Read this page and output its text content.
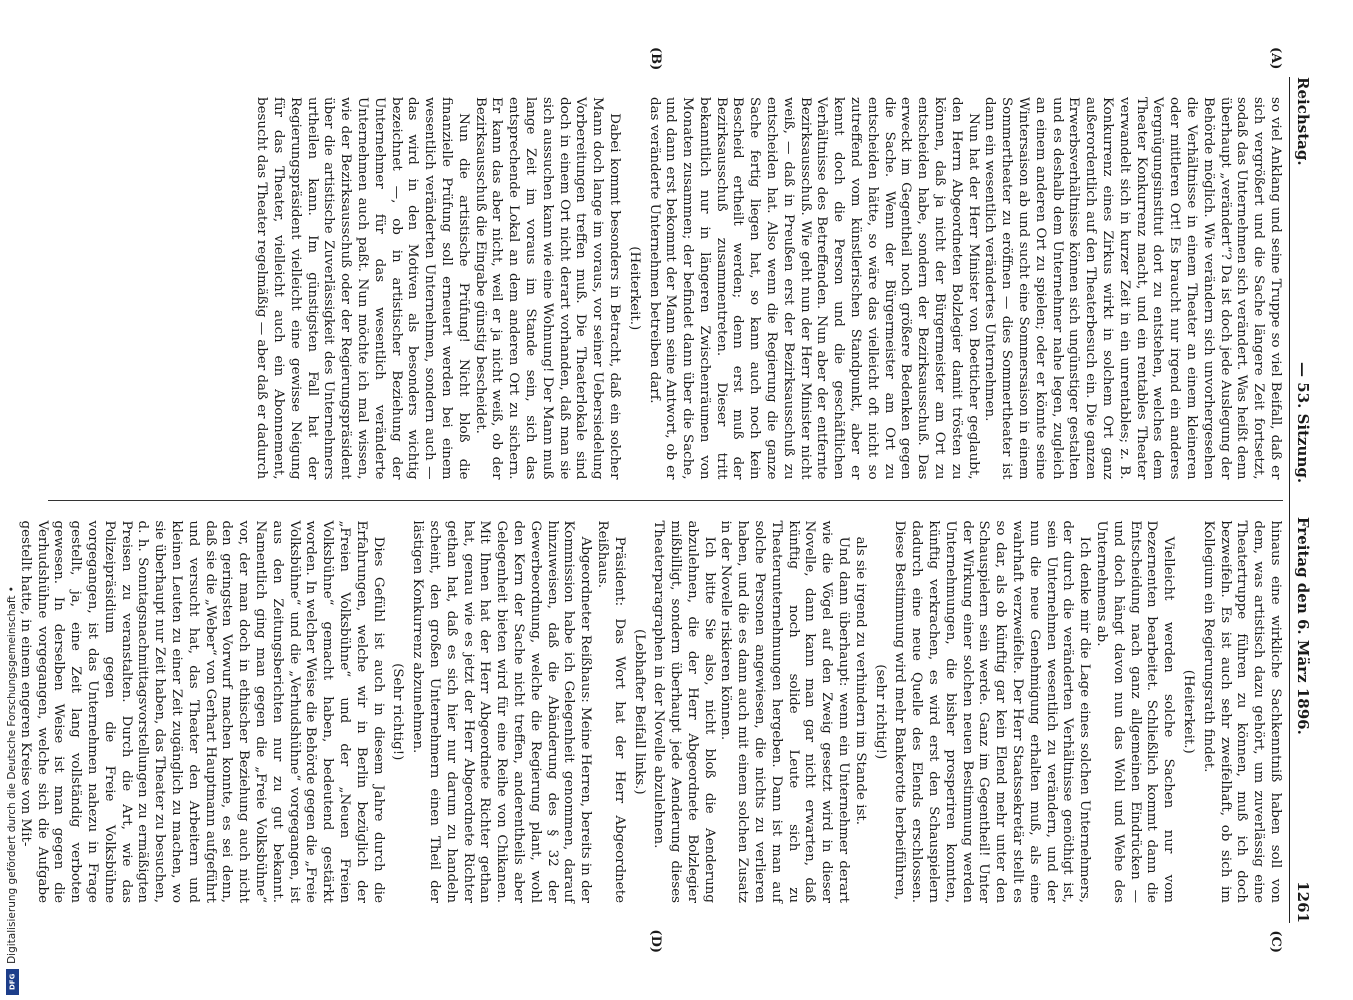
Reichstag.
— 53. Sitzung.
Freitag den 6. März 1896.
1261

so viel Anklang und seine Truppe so viel Beifall, daß er sich vergrößert und die Sache längere Zeit fortsetzt, sodaß das Unternehmen sich verändert. Was heißt denn überhaupt „verändert“? Da ist doch jede Auslegung der Behörde möglich. Wie verändern sich unvorhergesehen die Verhältnisse in einem Theater an einem kleineren oder mittleren Ort! Es braucht nur irgend ein anderes Vergnügungsinstitut dort zu entstehen, welches dem Theater Konkurrenz macht, und ein rentables Theater verwandelt sich in kurzer Zeit in ein unrentables; z. B. Konkurrenz eines Zirkus wirkt in solchem Ort ganz außerordentlich auf den Theaterbesuch ein. Die ganzen Erwerbsverhältnisse können sich ungünstiger gestalten und es deshalb dem Unternehmer nahe legen, zugleich an einem anderen Ort zu spielen; oder er könnte seine Wintersaison ab und sucht eine Sommersaison in einem Sommertheater zu eröffnen — dies Sommertheater ist dann ein wesentlich verändertes Unternehmen.

Nun hat der Herr Minister von Boetticher geglaubt, den Herrn Abgeordneten Bolzlegier damit trösten zu können, daß ja nicht der Bürgermeister am Ort zu entscheiden habe, sondern der Bezirksausschuß. Das erweckt im Gegentheil noch größere Bedenken gegen die Sache. Wenn der Bürgermeister am Ort zu entscheiden hätte, so wäre das vielleicht oft nicht so zutreffend vom künstlerischen Standpunkt, aber er kennt doch die Person und die geschäftlichen Verhältnisse des Betreffenden. Nun aber der entfernte Bezirksausschuß. Wie geht nun der Herr Minister nicht weiß, — daß in Preußen erst der Bezirksausschuß zu entscheiden hat. Also wenn die Regierung die ganze Sache fertig liegen hat, so kann auch noch kein Bescheid ertheilt werden; denn erst muß der Bezirksausschuß zusammentreten. Dieser tritt bekanntlich nur in längeren Zwischenräumen von Monaten zusammen; der befindet dann über die Sache, und dann erst bekommt der Mann seine Antwort, ob er das veränderte Unternehmen betreiben darf.

(Heiterkeit.)

Dabei kommt besonders in Betracht, daß ein solcher Mann doch lange im voraus, vor seiner Uebersiedelung Vorbereitungen treffen muß. Die Theaterlokale sind doch in einem Ort nicht derart vorhanden, daß man sie sich aussuchen kann wie eine Wohnung! Der Mann muß lange Zeit im voraus im Stande sein, sich das entsprechende Lokal an dem anderen Ort zu sichern. Er kann das aber nicht, weil er ja nicht weiß, ob der Bezirksausschuß die Eingabe günstig bescheidet.

Nun die artistische Prüfung! Nicht bloß die finanzielle Prüfung soll erneuert werden bei einem wesentlich veränderten Unternehmen, sondern auch — das wird in den Motiven als besonders wichtig bezeichnet —, ob in artistischer Beziehung der Unternehmer für das wesentlich veränderte Unternehmen auch paßt. Nun möchte ich mal wissen, wie der Bezirksausschuß oder der Regierungspräsident über die artistische Zuverlässigkeit des Unternehmers urtheilen kann. Im günstigsten Fall hat der Regierungspräsident vielleicht eine gewisse Neigung für das Theater, vielleicht auch ein Abonnement, besucht das Theater regelmäßig — aber daß er dadurch

hinaus eine wirkliche Sachkenntniß haben soll von dem, was artistisch dazu gehört, um zuverlässig eine Theatertruppe führen zu können, muß ich doch bezweifeln. Es ist auch sehr zweifelhaft, ob sich im Kollegium ein Regierungsrath findet.

(Heiterkeit.)

Vielleicht werden solche Sachen nur vom Dezernenten bearbeitet. Schließlich kommt dann die Entscheidung nach ganz allgemeinen Eindrücken — und doch hängt davon nun das Wohl und Wehe des Unternehmens ab.

Ich denke mir die Lage eines solchen Unternehmers, der durch die veränderten Verhältnisse genöthigt ist, sein Unternehmen wesentlich zu verändern, und der nun die neue Genehmigung erhalten muß, als eine wahrhaft verzweifelte. Der Herr Staatssekretär stellt es so dar, als ob künftig gar kein Elend mehr unter den Schauspielern sein werde. Ganz im Gegentheil! Unter der Wirkung einer solchen neuen Bestimmung werden Unternehmungen, die bisher prosperiren konnten, künftig verkrachen, es wird erst den Schauspielern dadurch eine neue Quelle des Elends erschlossen. Diese Bestimmung wird mehr Bankerotte herbeiführen,

(sehr richtig!)

als sie irgend zu verhindern im Stande ist.

Und dann überhaupt: wenn ein Unternehmer derart wie die Vögel auf den Zweig gesetzt wird in dieser Novelle, dann kann man gar nicht erwarten, daß künftig noch solide Leute sich zu Theaterunternehmungen hergeben. Dann ist man auf solche Personen angewiesen, die nichts zu verlieren haben, und die es dann auch mit einem solchen Zusatz in der Novelle riskieren können.

Ich bitte Sie also, nicht bloß die Aenderung abzulehnen, die der Herr Abgeordnete Bolzlegier mißbilligt, sondern überhaupt jede Aenderung dieses Theaterparagraphen in der Novelle abzulehnen.

(Lebhafter Beifall links.)

Präsident: Das Wort hat der Herr Abgeordnete Reißhaus.

Abgeordneter Reißhaus: Meine Herren, bereits in der Kommission habe ich Gelegenheit genommen, darauf hinzuweisen, daß die Abänderung des § 32 der Gewerbeordnung, welche die Regierung plant, wohl den Kern der Sache nicht treffen, anderentheils aber Gelegenheit bieten wird für eine Reihe von Chikanen. Mit Ihnen hat der Herr Abgeordnete Richter gethan hat, genau wie es jetzt der Herr Abgeordnete Richter gethan hat, daß es sich hier nur darum zu handeln scheint, den großen Unternehmern einen Theil der lästigen Konkurrenz abzunehmen.

(Sehr richtig!)

Dies Gefühl ist auch in diesem Jahre durch die Erfahrungen, welche wir in Berlin bezüglich der „Freien Volksbühne“ und der „Neuen Freien Volksbühne“ gemacht haben, bedeutend gestärkt worden. In welcher Weise die Behörde gegen die „Freie Volksbühne“ und die „Verhudshühne“ vorgegangen, ist aus den Zeitungsberichten nur zu gut bekannt. Namentlich ging man gegen die „Freie Volksbühne“ vor, der man doch in ethischer Beziehung auch nicht den geringsten Vorwurf machen konnte, es sei denn, daß sie die „Weber“ von Gerhart Hauptmann aufgeführt und versucht hat, das Theater den Arbeitern und kleinen Leuten zu einer Zeit zugänglich zu machen, wo sie überhaupt nur Zeit haben, das Theater zu besuchen, d. h. Sonntagsnachmittagsvorstellungen zu ermäßigten Preisen zu veranstalten. Durch die Art, wie das Polizeipräsidium gegen die Freie Volksbühne vorgegangen, ist das Unternehmen nahezu in Frage gestellt, ja, eine Zeit lang vollständig verboten gewesen. In derselben Weise ist man gegen die Verhudshühne vorgegangen, welche sich die Aufgabe gestellt hatte, in einem engeren Kreise von Mit-

(A)
(B)
(C)
(D)
Digitalisierung gefördert durch die Deutsche Forschungsgemeinschaft •
DFG
